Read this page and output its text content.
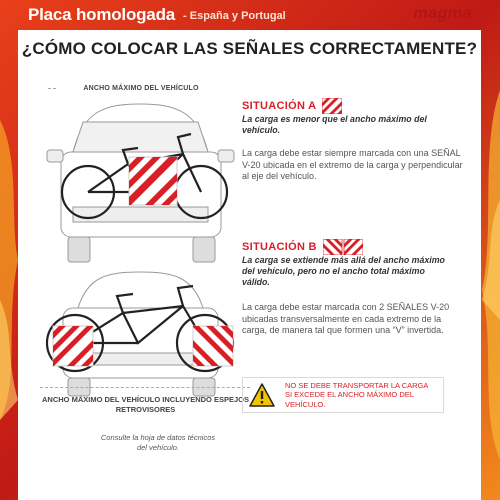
Placa homologada - España y Portugal	magma
¿CÓMO COLOCAR LAS SEÑALES CORRECTAMENTE?
ANCHO MÁXIMO DEL VEHÍCULO
ANCHO MÁXIMO DEL VEHÍCULO INCLUYENDO ESPEJOS RETROVISORES
Consulte la hoja de datos técnicos del vehículo.
SITUACIÓN A
La carga es menor que el ancho máximo del vehículo.
La carga debe estar siempre marcada con una SEÑAL V-20 ubicada en el extremo de la carga y perpendicular al eje del vehículo.
SITUACIÓN B
La carga se extiende más allá del ancho máximo del vehículo, pero no el ancho total máximo válido.
La carga debe estar marcada con 2 SEÑALES V-20 ubicadas transversalmente en cada extremo de la carga, de manera tal que formen una “V” invertida.
NO SE DEBE TRANSPORTAR LA CARGA SI EXCEDE EL ANCHO MÁXIMO DEL VEHÍCULO.
